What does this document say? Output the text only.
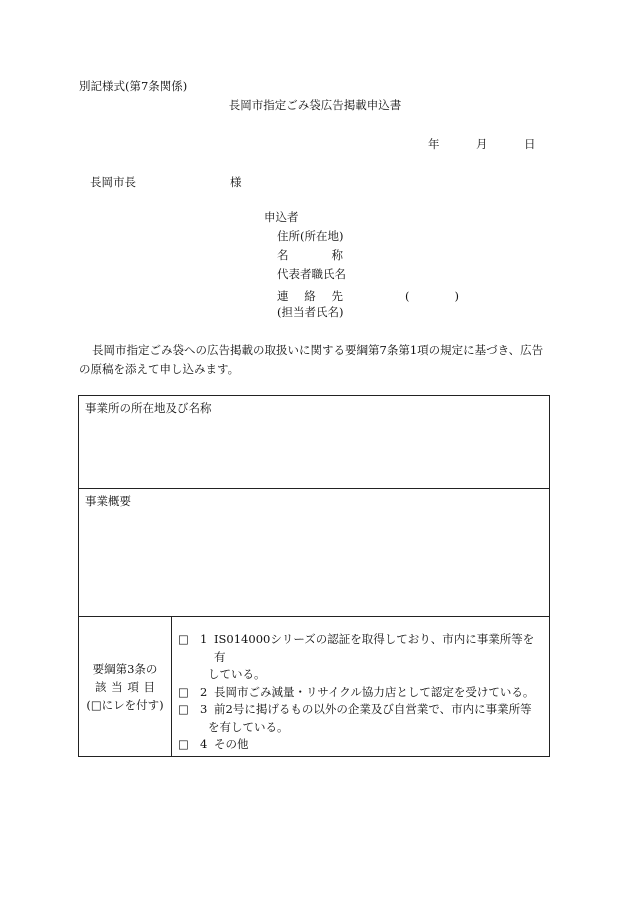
別記様式(第7条関係)
長岡市指定ごみ袋広告掲載申込書
年	月	日
長岡市長	様
申込者
住所(所在地)
名	称
代表者職氏名
連 絡 先	(	)
(担当者氏名)
長岡市指定ごみ袋への広告掲載の取扱いに関する要綱第7条第1項の規定に基づき、広告
の原稿を添えて申し込みます。
事業所の所在地及び名称
事業概要
要綱第3条の
該 当 項 目
(□にレを付す)
□ 1 IS014000シリーズの認証を取得しており、市内に事業所等を有
している。
□ 2 長岡市ごみ減量・リサイクル協力店として認定を受けている。
□ 3 前2号に掲げるもの以外の企業及び自営業で、市内に事業所等
を有している。
□ 4 その他
